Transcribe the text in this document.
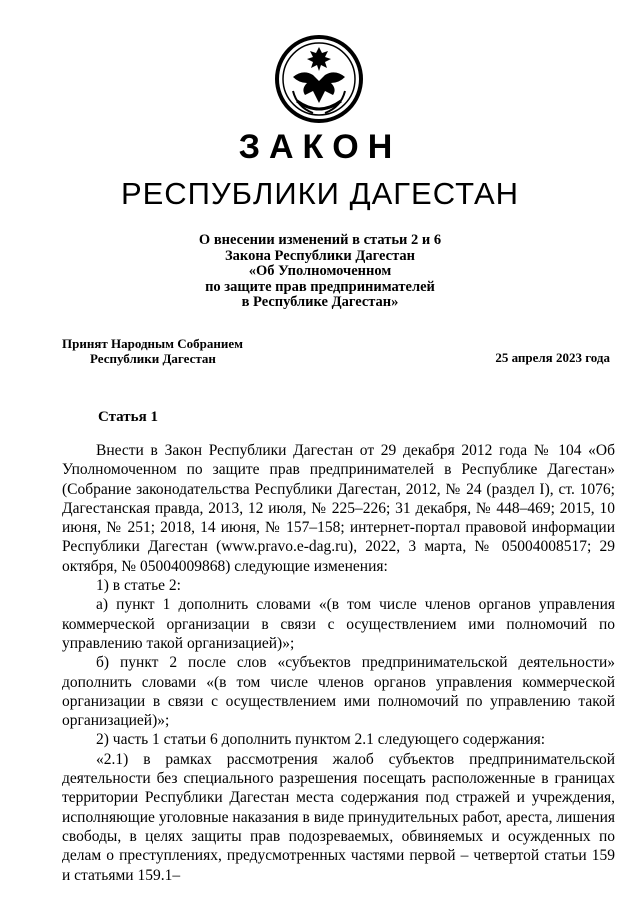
ЗАКОН
РЕСПУБЛИКИ ДАГЕСТАН
О внесении изменений в статьи 2 и 6
Закона Республики Дагестан
«Об Уполномоченном
по защите прав предпринимателей
в Республике Дагестан»
Принят Народным Собранием
Республики Дагестан	25 апреля 2023 года
Статья 1

Внести в Закон Республики Дагестан от 29 декабря 2012 года № 104 «Об Уполномоченном по защите прав предпринимателей в Республике Дагестан» (Собрание законодательства Республики Дагестан, 2012, № 24 (раздел I), ст. 1076; Дагестанская правда, 2013, 12 июля, № 225–226; 31 декабря, № 448–469; 2015, 10 июня, № 251; 2018, 14 июня, № 157–158; интернет-портал правовой информации Республики Дагестан (www.pravo.e-dag.ru), 2022, 3 марта, № 05004008517; 29 октября, № 05004009868) следующие изменения:

1) в статье 2:

а) пункт 1 дополнить словами «(в том числе членов органов управления коммерческой организации в связи с осуществлением ими полномочий по управлению такой организацией)»;

б) пункт 2 после слов «субъектов предпринимательской деятельности» дополнить словами «(в том числе членов органов управления коммерческой организации в связи с осуществлением ими полномочий по управлению такой организацией)»;

2) часть 1 статьи 6 дополнить пунктом 2.1 следующего содержания:

«2.1) в рамках рассмотрения жалоб субъектов предпринимательской деятельности без специального разрешения посещать расположенные в границах территории Республики Дагестан места содержания под стражей и учреждения, исполняющие уголовные наказания в виде принудительных работ, ареста, лишения свободы, в целях защиты прав подозреваемых, обвиняемых и осужденных по делам о преступлениях, предусмотренных частями первой – четвертой статьи 159 и статьями 159.1–
